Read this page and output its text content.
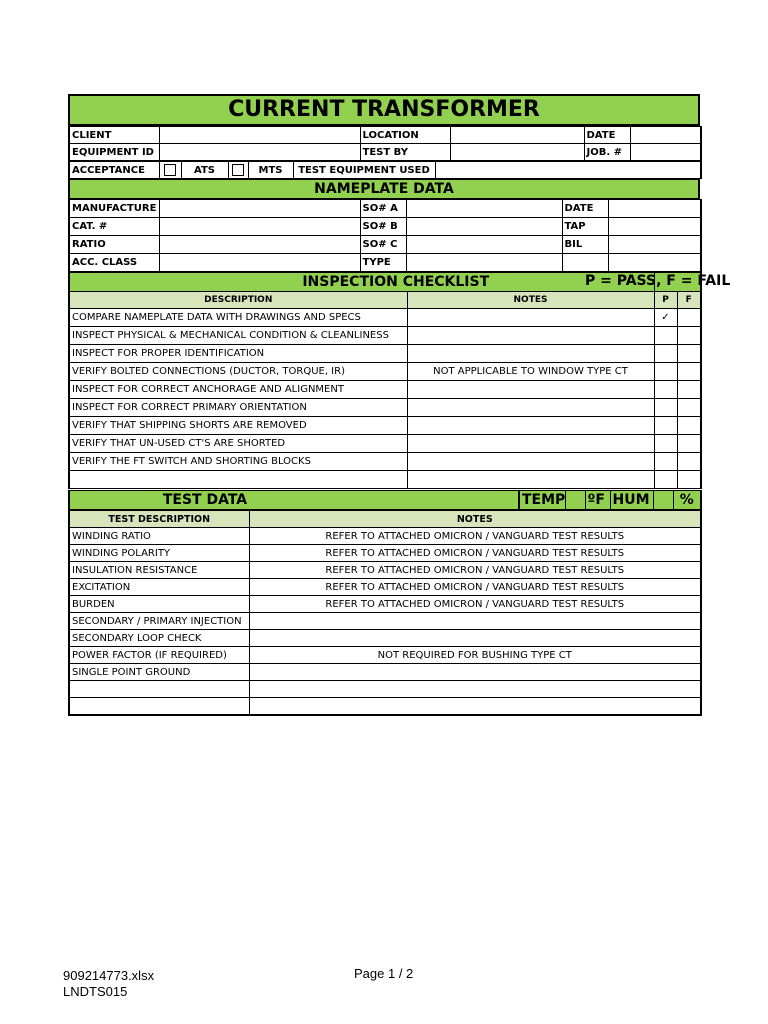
CURRENT TRANSFORMER
CLIENT		LOCATION		DATE	
EQUIPMENT ID		TEST BY		JOB. #	
ACCEPTANCE		ATS		MTS	TEST EQUIPMENT USED	
NAMEPLATE DATA
MANUFACTURE		SO# A		DATE	
CAT. #		SO# B		TAP	
RATIO		SO# C		BIL	
ACC. CLASS		TYPE			
INSPECTION CHECKLIST		P = PASS, F = FAIL	

DESCRIPTION	NOTES	P	F
COMPARE NAMEPLATE DATA WITH DRAWINGS AND SPECS		✓	
INSPECT PHYSICAL & MECHANICAL CONDITION & CLEANLINESS			
INSPECT FOR PROPER IDENTIFICATION			
VERIFY BOLTED CONNECTIONS (DUCTOR, TORQUE, IR)	NOT APPLICABLE TO WINDOW TYPE CT		
INSPECT FOR CORRECT ANCHORAGE AND ALIGNMENT			
INSPECT FOR CORRECT PRIMARY ORIENTATION			
VERIFY THAT SHIPPING SHORTS ARE REMOVED			
VERIFY THAT UN-USED CT'S ARE SHORTED			
VERIFY THE FT SWITCH AND SHORTING BLOCKS			

TEST DATA	TEMP		ºF	HUM		%
TEST DESCRIPTION	NOTES
WINDING RATIO	REFER TO ATTACHED OMICRON / VANGUARD TEST RESULTS
WINDING POLARITY	REFER TO ATTACHED OMICRON / VANGUARD TEST RESULTS
INSULATION RESISTANCE	REFER TO ATTACHED OMICRON / VANGUARD TEST RESULTS
EXCITATION	REFER TO ATTACHED OMICRON / VANGUARD TEST RESULTS
BURDEN	REFER TO ATTACHED OMICRON / VANGUARD TEST RESULTS
SECONDARY / PRIMARY INJECTION	
SECONDARY LOOP CHECK	
POWER FACTOR (IF REQUIRED)	NOT REQUIRED FOR BUSHING TYPE CT
SINGLE POINT GROUND	

909214773.xlsx
LNDTS015
Page 1 / 2
